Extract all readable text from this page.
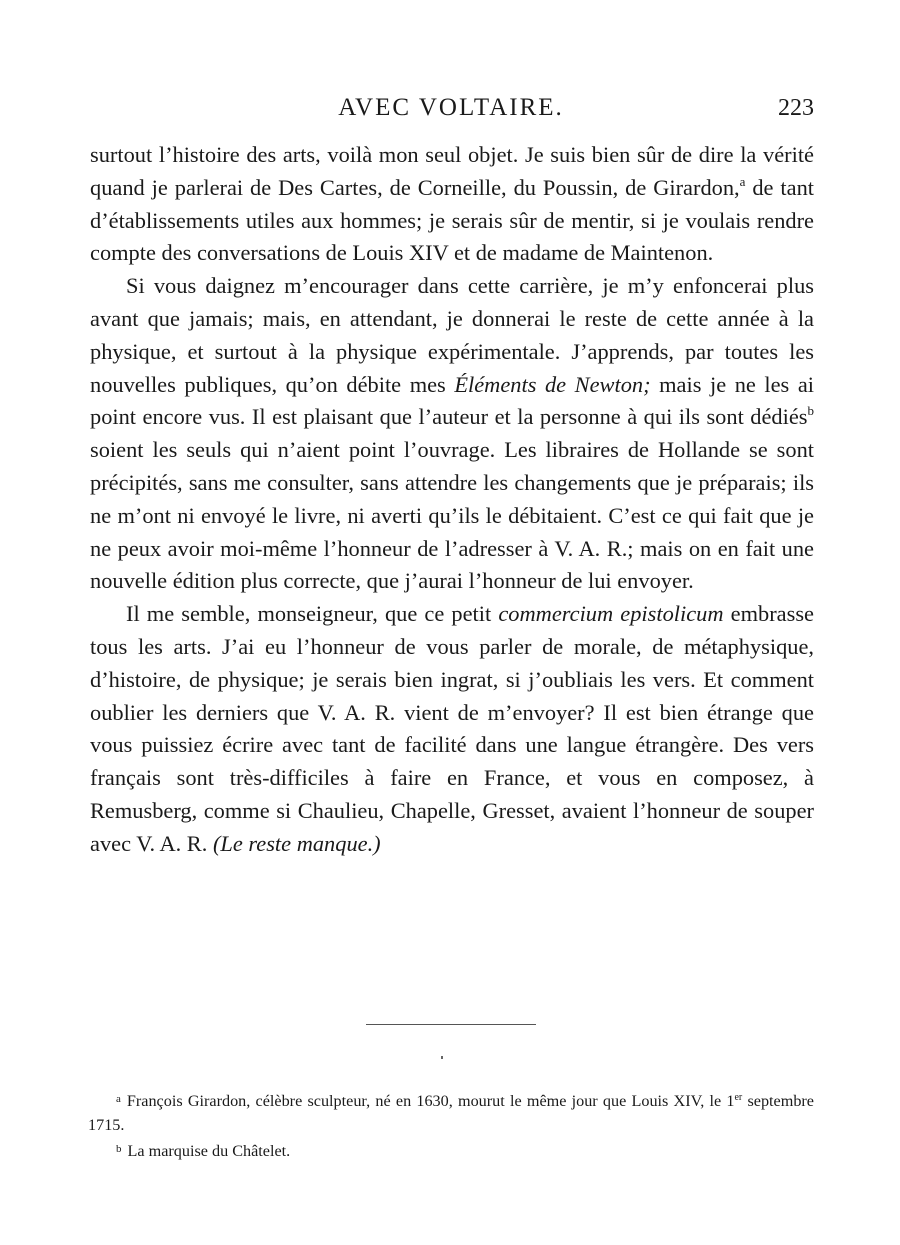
AVEC VOLTAIRE.	223

surtout l’histoire des arts, voilà mon seul objet. Je suis bien sûr de dire la vérité quand je parlerai de Des Cartes, de Corneille, du Poussin, de Girardon,$^a$ de tant d’établissements utiles aux hommes; je serais sûr de mentir, si je voulais rendre compte des conversations de Louis XIV et de madame de Maintenon.

Si vous daignez m’encourager dans cette carrière, je m’y enfoncerai plus avant que jamais; mais, en attendant, je donnerai le reste de cette année à la physique, et surtout à la physique expérimentale. J’apprends, par toutes les nouvelles publiques, qu’on débite mes Éléments de Newton; mais je ne les ai point encore vus. Il est plaisant que l’auteur et la personne à qui ils sont dédiés$^b$ soient les seuls qui n’aient point l’ouvrage. Les libraires de Hollande se sont précipités, sans me consulter, sans attendre les changements que je préparais; ils ne m’ont ni envoyé le livre, ni averti qu’ils le débitaient. C’est ce qui fait que je ne peux avoir moi-même l’honneur de l’adresser à V. A. R.; mais on en fait une nouvelle édition plus correcte, que j’aurai l’honneur de lui envoyer.

Il me semble, monseigneur, que ce petit commercium epistolicum embrasse tous les arts. J’ai eu l’honneur de vous parler de morale, de métaphysique, d’histoire, de physique; je serais bien ingrat, si j’oubliais les vers. Et comment oublier les derniers que V. A. R. vient de m’envoyer? Il est bien étrange que vous puissiez écrire avec tant de facilité dans une langue étrangère. Des vers français sont très-difficiles à faire en France, et vous en composez, à Remusberg, comme si Chaulieu, Chapelle, Gresset, avaient l’honneur de souper avec V. A. R. (Le reste manque.)

$^a$ François Girardon, célèbre sculpteur, né en 1630, mourut le même jour que Louis XIV, le 1er septembre 1715.

$^b$ La marquise du Châtelet.
